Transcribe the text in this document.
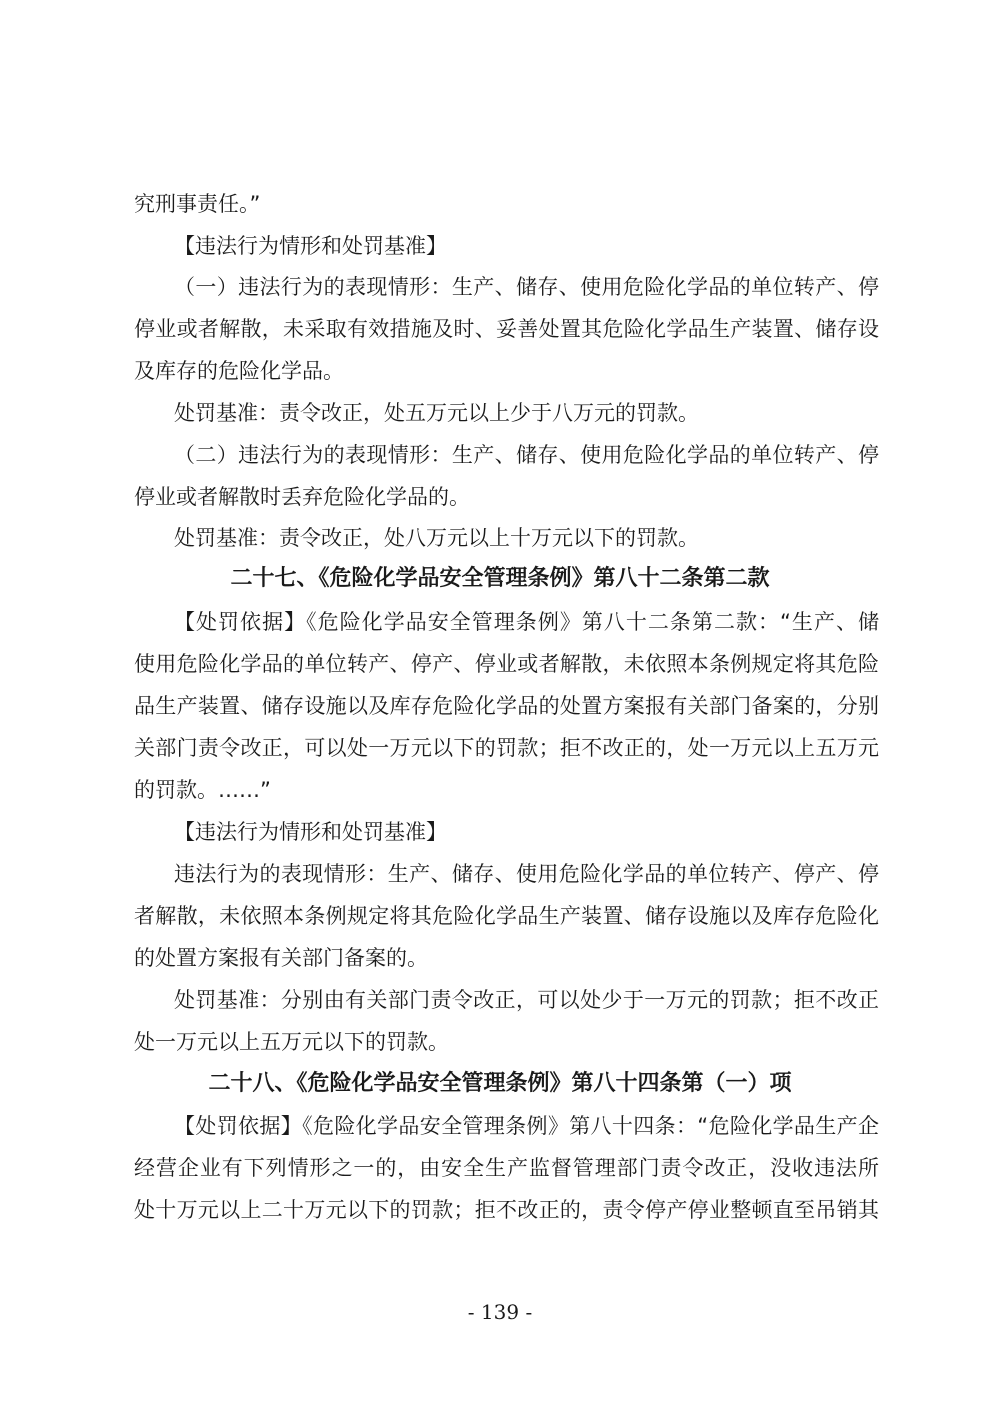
究刑事责任。”
【违法行为情形和处罚基准】
（一）违法行为的表现情形：生产、储存、使用危险化学品的单位转产、停
停业或者解散，未采取有效措施及时、妥善处置其危险化学品生产装置、储存设
及库存的危险化学品。
处罚基准：责令改正，处五万元以上少于八万元的罚款。
（二）违法行为的表现情形：生产、储存、使用危险化学品的单位转产、停
停业或者解散时丢弃危险化学品的。
处罚基准：责令改正，处八万元以上十万元以下的罚款。
二十七、《危险化学品安全管理条例》第八十二条第二款
【处罚依据】《危险化学品安全管理条例》第八十二条第二款：“生产、储
使用危险化学品的单位转产、停产、停业或者解散，未依照本条例规定将其危险
品生产装置、储存设施以及库存危险化学品的处置方案报有关部门备案的，分别
关部门责令改正，可以处一万元以下的罚款；拒不改正的，处一万元以上五万元
的罚款。……”
【违法行为情形和处罚基准】
违法行为的表现情形：生产、储存、使用危险化学品的单位转产、停产、停
者解散，未依照本条例规定将其危险化学品生产装置、储存设施以及库存危险化
的处置方案报有关部门备案的。
处罚基准：分别由有关部门责令改正，可以处少于一万元的罚款；拒不改正
处一万元以上五万元以下的罚款。
二十八、《危险化学品安全管理条例》第八十四条第（一）项
【处罚依据】《危险化学品安全管理条例》第八十四条：“危险化学品生产企
经营企业有下列情形之一的，由安全生产监督管理部门责令改正，没收违法所
处十万元以上二十万元以下的罚款；拒不改正的，责令停产停业整顿直至吊销其
- 139 -
